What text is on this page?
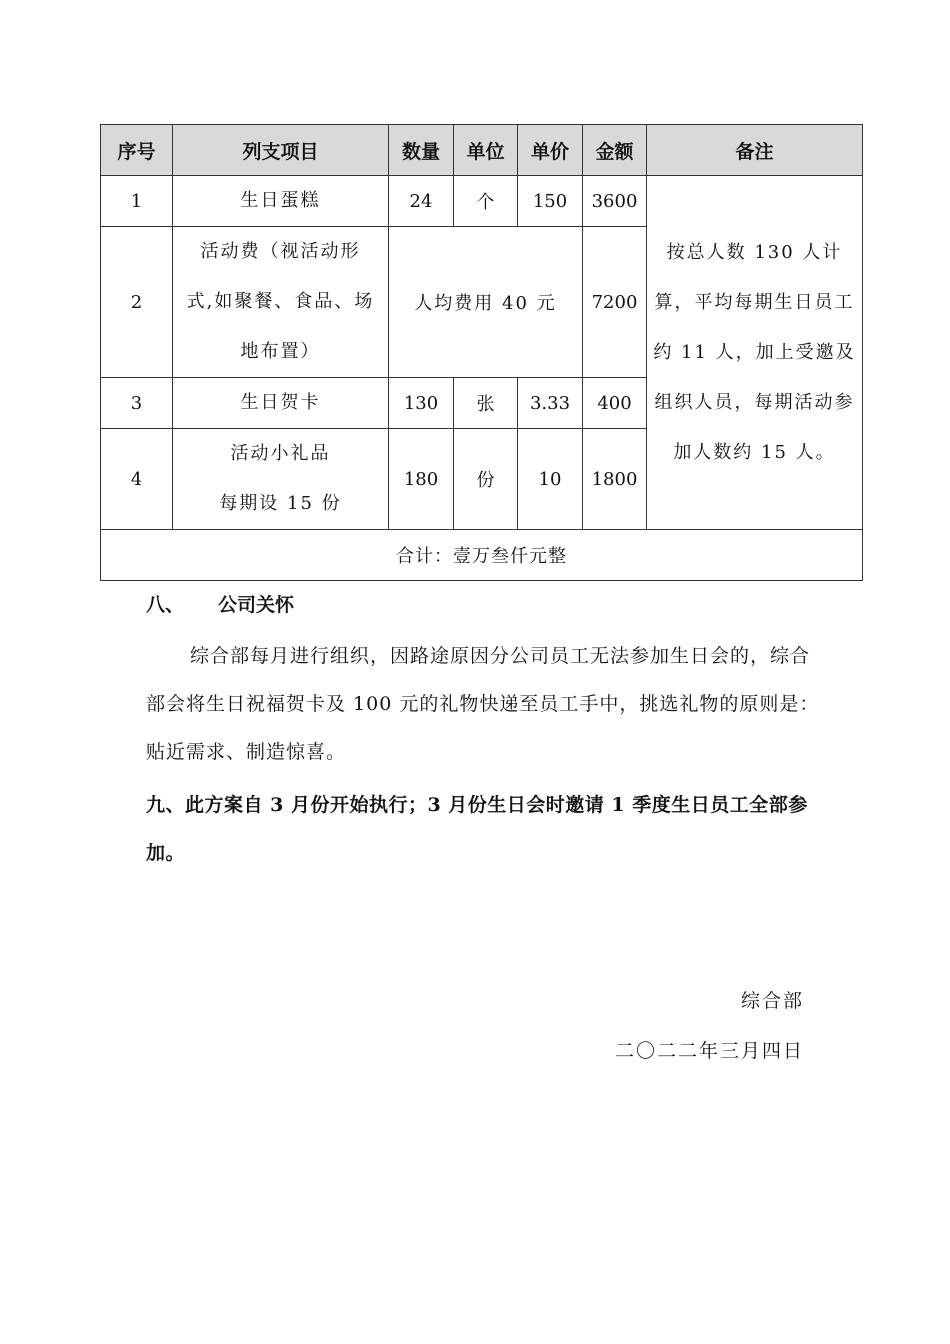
序号	列支项目	数量	单位	单价	金额	备注
1	生日蛋糕	24	个	150	3600	按总人数 130 人计算，平均每期生日员工约 11 人，加上受邀及组织人员，每期活动参加人数约 15 人。
2	活动费（视活动形
式,如聚餐、食品、场
地布置）	人均费用 40 元			7200	
3	生日贺卡	130	张	3.33	400	
4	活动小礼品
每期设 15 份	180	份	10	1800	
合计：壹万叁仟元整						
八、 公司关怀
综合部每月进行组织，因路途原因分公司员工无法参加生日会的，综合部会将生日祝福贺卡及 100 元的礼物快递至员工手中，挑选礼物的原则是：贴近需求、制造惊喜。
九、此方案自 3 月份开始执行；3 月份生日会时邀请 1 季度生日员工全部参加。
综合部
二〇二二年三月四日
